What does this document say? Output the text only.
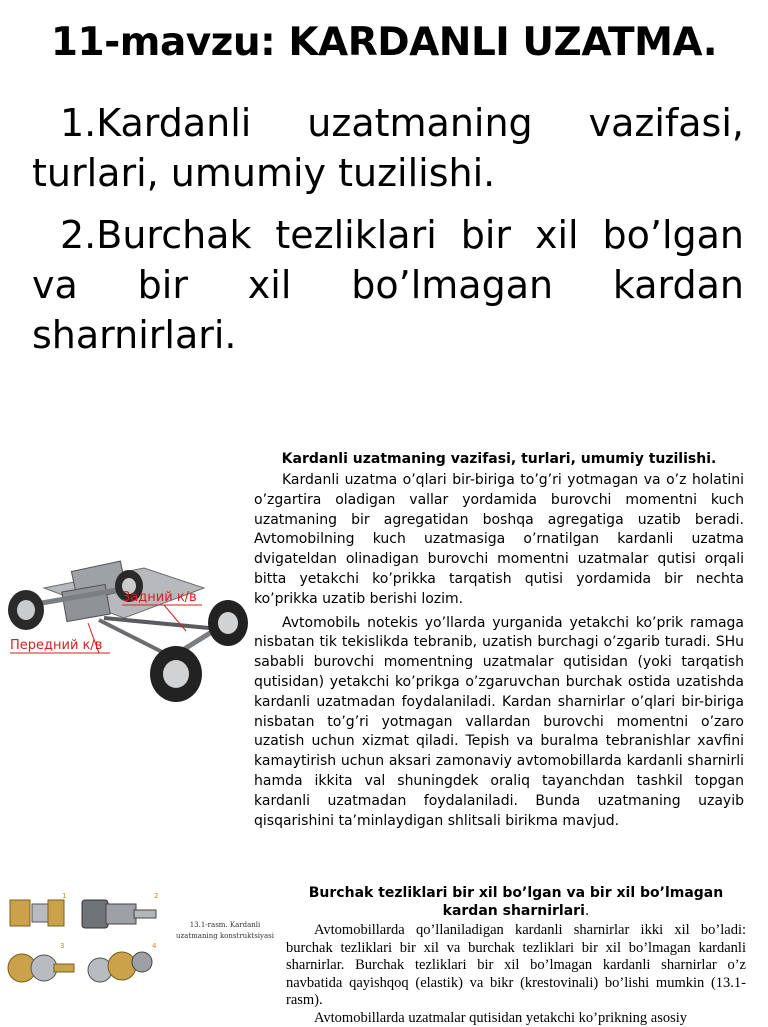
11-mavzu: KARDANLI UZATMA.
1.Kardanli uzatmaning vazifasi, turlari, umumiy tuzilishi.
2.Burchak tezliklari bir xil bo’lgan va bir xil bo’lmagan kardan sharnirlari.
Задний к/в
Передний к/в
Kardanli uzatmaning vazifasi, turlari, umumiy tuzilishi.

Kardanli uzatma o’qlari bir-biriga to’g’ri yotmagan va o’z holatini o’zgartira oladigan vallar yordamida burovchi momentni kuch uzatmaning bir agregatidan boshqa agregatiga uzatib beradi. Avtomobilning kuch uzatmasiga o’rnatilgan kardanli uzatma dvigateldan olinadigan burovchi momentni uzatmalar qutisi orqali bitta yetakchi ko’prikka tarqatish qutisi yordamida bir nechta ko’prikka uzatib berishi lozim.

Avtomobilь notekis yo’llarda yurganida yetakchi ko’prik ramaga nisbatan tik tekislikda tebranib, uzatish burchagi o’zgarib turadi. SHu sababli burovchi momentning uzatmalar qutisidan (yoki tarqatish qutisidan) yetakchi ko’prikga o’zgaruvchan burchak ostida uzatishda kardanli uzatmadan foydalaniladi. Kardan sharnirlar o’qlari bir-biriga nisbatan to’g’ri yotmagan vallardan burovchi momentni o’zaro uzatish uchun xizmat qiladi. Tepish va buralma tebranishlar xavfini kamaytirish uchun aksari zamonaviy avtomobillarda kardanli sharnirli hamda ikkita val shuningdek oraliq tayanchdan tashkil topgan kardanli uzatmadan foydalaniladi. Bunda uzatmaning uzayib qisqarishini ta’minlaydigan shlitsali birikma mavjud.

1	2
3	4
13.1-rasm. Kardanli uzatmaning konstruktsiyasi
Burchak tezliklari bir xil bo’lgan va bir xil bo’lmagan kardan sharnirlari.

Avtomobillarda qo’llaniladigan kardanli sharnirlar ikki xil bo’ladi: burchak tezliklari bir xil va burchak tezliklari bir xil bo’lmagan kardanli sharnirlar. Burchak tezliklari bir xil bo’lmagan kardanli sharnirlar o’z navbatida qayishqoq (elastik) va bikr (krestovinali) bo’lishi mumkin (13.1-rasm).

Avtomobillarda uzatmalar qutisidan yetakchi ko’prikning asosiy
